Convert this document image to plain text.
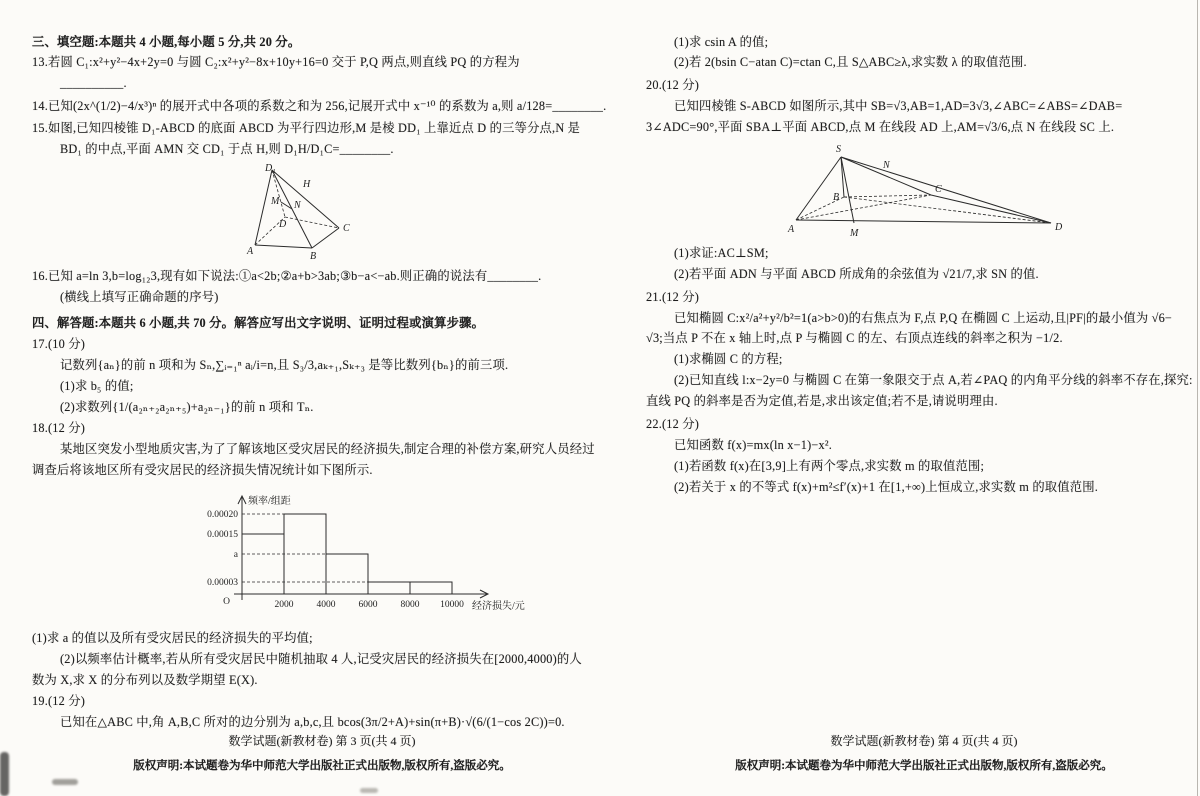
三、填空题:本题共 4 小题,每小题 5 分,共 20 分。

13.若圆 C₁:x²+y²−4x+2y=0 与圆 C₂:x²+y²−8x+10y+16=0 交于 P,Q 两点,则直线 PQ 的方程为

__________.

14.已知(2x^(1/2)−4/x³)ⁿ 的展开式中各项的系数之和为 256,记展开式中 x⁻¹⁰ 的系数为 a,则 a/128=________.

15.如图,已知四棱锥 D₁-ABCD 的底面 ABCD 为平行四边形,M 是棱 DD₁ 上靠近点 D 的三等分点,N 是

BD₁ 的中点,平面 AMN 交 CD₁ 于点 H,则 D₁H/D₁C=________.

D₁
H
M N
D	C
A	B

16.已知 a=ln 3,b=log₁₂3,现有如下说法:①a<2b;②a+b>3ab;③b−a<−ab.则正确的说法有________.

(横线上填写正确命题的序号)

四、解答题:本题共 6 小题,共 70 分。解答应写出文字说明、证明过程或演算步骤。

17.(10 分)

记数列{aₙ}的前 n 项和为 Sₙ,∑ᵢ₌₁ⁿ aᵢ/i=n,且 S₃/3,aₖ₊₁,Sₖ₊₃ 是等比数列{bₙ}的前三项.

(1)求 b₅ 的值;

(2)求数列{1/(a₂ₙ₊₂a₂ₙ₊₅)+a₂ₙ₋₁}的前 n 项和 Tₙ.

18.(12 分)

某地区突发小型地质灾害,为了了解该地区受灾居民的经济损失,制定合理的补偿方案,研究人员经过

调查后将该地区所有受灾居民的经济损失情况统计如下图所示.

频率/组距
经济损失/元
O
0.00020
0.00015
a
0.00003
2000 4000 6000 8000 10000

(1)求 a 的值以及所有受灾居民的经济损失的平均值;

(2)以频率估计概率,若从所有受灾居民中随机抽取 4 人,记受灾居民的经济损失在[2000,4000)的人

数为 X,求 X 的分布列以及数学期望 E(X).

19.(12 分)

已知在△ABC 中,角 A,B,C 所对的边分别为 a,b,c,且 bcos(3π/2+A)+sin(π+B)·√(6/(1−cos 2C))=0.

数学试题(新教材卷) 第 3 页(共 4 页)
版权声明:本试题卷为华中师范大学出版社正式出版物,版权所有,盗版必究。

(1)求 csin A 的值;

(2)若 2(bsin C−atan C)=ctan C,且 S△ABC≥λ,求实数 λ 的取值范围.

20.(12 分)

已知四棱锥 S-ABCD 如图所示,其中 SB=√3,AB=1,AD=3√3,∠ABC=∠ABS=∠DAB=

3∠ADC=90°,平面 SBA⊥平面 ABCD,点 M 在线段 AD 上,AM=√3/6,点 N 在线段 SC 上.

S
N
B
C
A	M
D

(1)求证:AC⊥SM;

(2)若平面 ADN 与平面 ABCD 所成角的余弦值为 √21/7,求 SN 的值.

21.(12 分)

已知椭圆 C:x²/a²+y²/b²=1(a>b>0)的右焦点为 F,点 P,Q 在椭圆 C 上运动,且|PF|的最小值为 √6−

√3;当点 P 不在 x 轴上时,点 P 与椭圆 C 的左、右顶点连线的斜率之积为 −1/2.

(1)求椭圆 C 的方程;

(2)已知直线 l:x−2y=0 与椭圆 C 在第一象限交于点 A,若∠PAQ 的内角平分线的斜率不存在,探究:

直线 PQ 的斜率是否为定值,若是,求出该定值;若不是,请说明理由.

22.(12 分)

已知函数 f(x)=mx(ln x−1)−x².

(1)若函数 f(x)在[3,9]上有两个零点,求实数 m 的取值范围;

(2)若关于 x 的不等式 f(x)+m²≤f′(x)+1 在[1,+∞)上恒成立,求实数 m 的取值范围.

数学试题(新教材卷) 第 4 页(共 4 页)
版权声明:本试题卷为华中师范大学出版社正式出版物,版权所有,盗版必究。
